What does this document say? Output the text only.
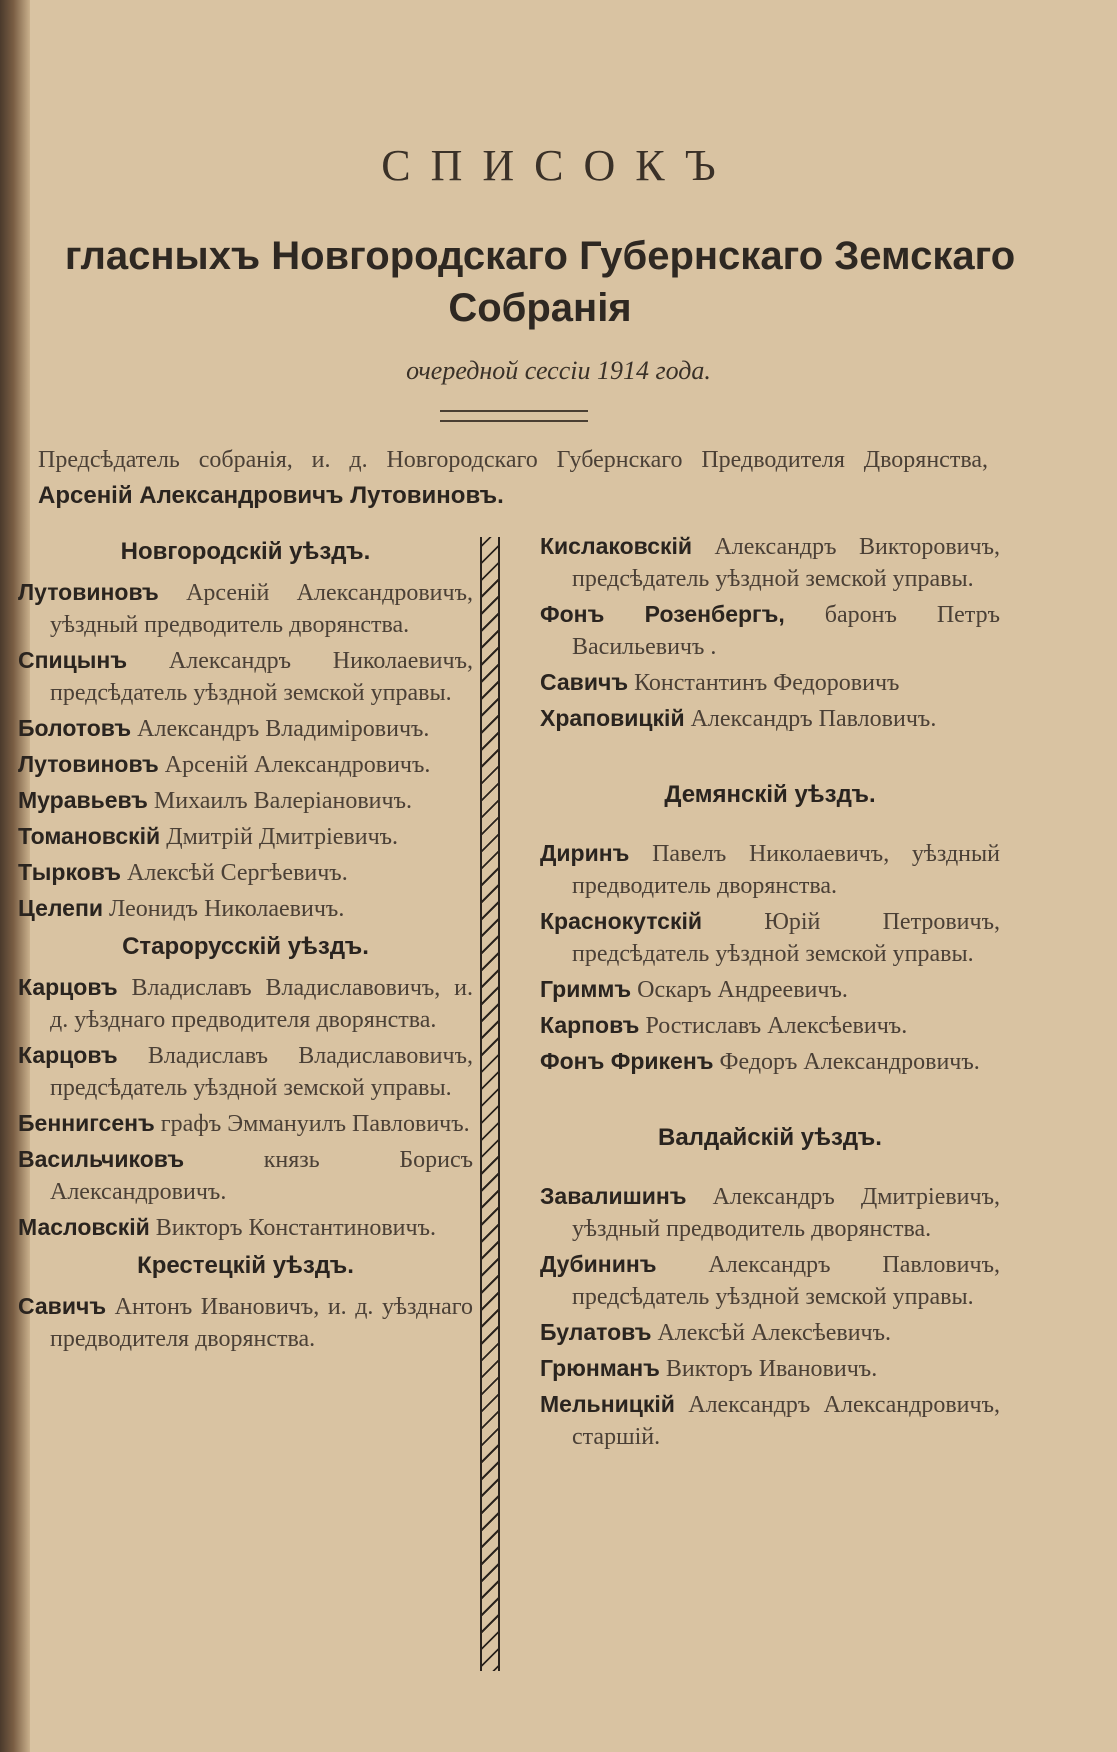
СПИСОКЪ
гласныхъ Новгородскаго Губернскаго Земскаго Собранія
очередной сессіи 1914 года.
Предсѣдатель собранія, и. д. Новгородскаго Губернскаго Предводителя Дворянства, Арсеній Александровичъ Лутовиновъ.
Новгородскій уѣздъ.
Лутовиновъ Арсеній Александровичъ, уѣздный предводитель дворянства.
Спицынъ Александръ Николаевичъ, предсѣдатель уѣздной земской управы.
Болотовъ Александръ Владиміровичъ.
Лутовиновъ Арсеній Александровичъ.
Муравьевъ Михаилъ Валеріановичъ.
Томановскій Дмитрій Дмитріевичъ.
Тырковъ Алексѣй Сергѣевичъ.
Целепи Леонидъ Николаевичъ.
Старорусскій уѣздъ.
Карцовъ Владиславъ Владиславовичъ, и. д. уѣзднаго предводителя дворянства.
Карцовъ Владиславъ Владиславовичъ, предсѣдатель уѣздной земской управы.
Беннигсенъ графъ Эммануилъ Павловичъ.
Васильчиковъ	князь Борисъ Александровичъ.
Масловскій Викторъ Константиновичъ.
Крестецкій уѣздъ.
Савичъ Антонъ Ивановичъ, и. д. уѣзднаго предводителя дворянства.
Кислаковскій Александръ Викторовичъ, предсѣдатель уѣздной земской управы.
Фонъ Розенбергъ, баронъ Петръ Васильевичъ .
Савичъ Константинъ Федоровичъ
Храповицкій Александръ Павловичъ.
Демянскій уѣздъ.
Диринъ Павелъ Николаевичъ, уѣздный предводитель дворянства.
Краснокутскій	Юрій Петровичъ, предсѣдатель уѣздной земской управы.
Гриммъ Оскаръ Андреевичъ.
Карповъ Ростиславъ Алексѣевичъ.
Фонъ Фрикенъ Федоръ Александровичъ.
Валдайскій уѣздъ.
Завалишинъ Александръ Дмитріевичъ, уѣздный предводитель дворянства.
Дубининъ Александръ Павловичъ, предсѣдатель уѣздной земской управы.
Булатовъ Алексѣй Алексѣевичъ.
Грюнманъ Викторъ Ивановичъ.
Мельницкій Александръ Александровичъ, старшій.
